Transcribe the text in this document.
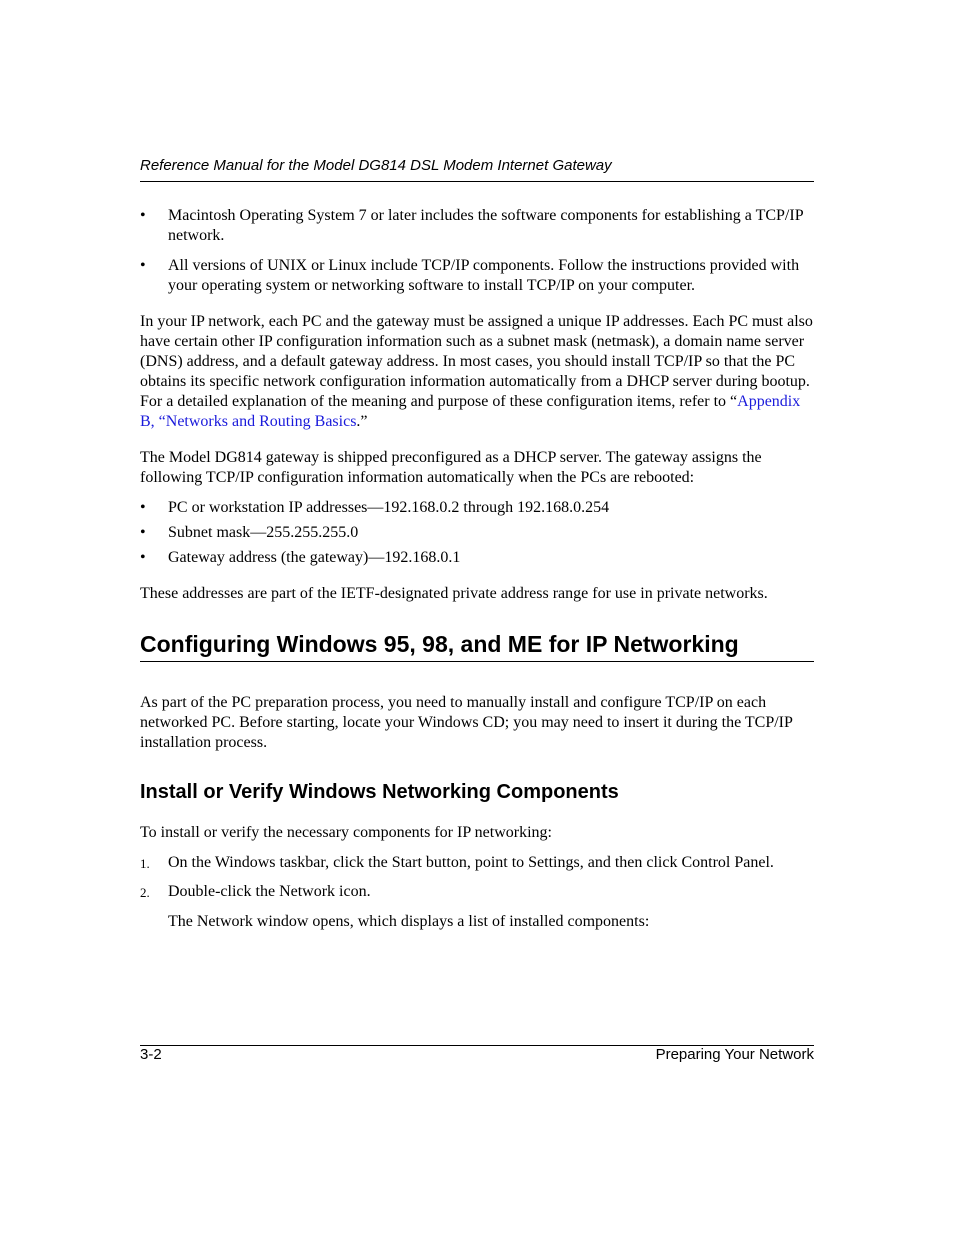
Reference Manual for the Model DG814 DSL Modem Internet Gateway
• Macintosh Operating System 7 or later includes the software components for establishing a TCP/IP network.
• All versions of UNIX or Linux include TCP/IP components. Follow the instructions provided with your operating system or networking software to install TCP/IP on your computer.

In your IP network, each PC and the gateway must be assigned a unique IP addresses. Each PC must also have certain other IP configuration information such as a subnet mask (netmask), a domain name server (DNS) address, and a default gateway address. In most cases, you should install TCP/IP so that the PC obtains its specific network configuration information automatically from a DHCP server during bootup. For a detailed explanation of the meaning and purpose of these configuration items, refer to “Appendix B, “Networks and Routing Basics.”

The Model DG814 gateway is shipped preconfigured as a DHCP server. The gateway assigns the following TCP/IP configuration information automatically when the PCs are rebooted:

• PC or workstation IP addresses—192.168.0.2 through 192.168.0.254
• Subnet mask—255.255.255.0
• Gateway address (the gateway)—192.168.0.1

These addresses are part of the IETF-designated private address range for use in private networks.

Configuring Windows 95, 98, and ME for IP Networking

As part of the PC preparation process, you need to manually install and configure TCP/IP on each networked PC. Before starting, locate your Windows CD; you may need to insert it during the TCP/IP installation process.

Install or Verify Windows Networking Components

To install or verify the necessary components for IP networking:

1. On the Windows taskbar, click the Start button, point to Settings, and then click Control Panel.
2. Double-click the Network icon.

The Network window opens, which displays a list of installed components:

3-2	Preparing Your Network
